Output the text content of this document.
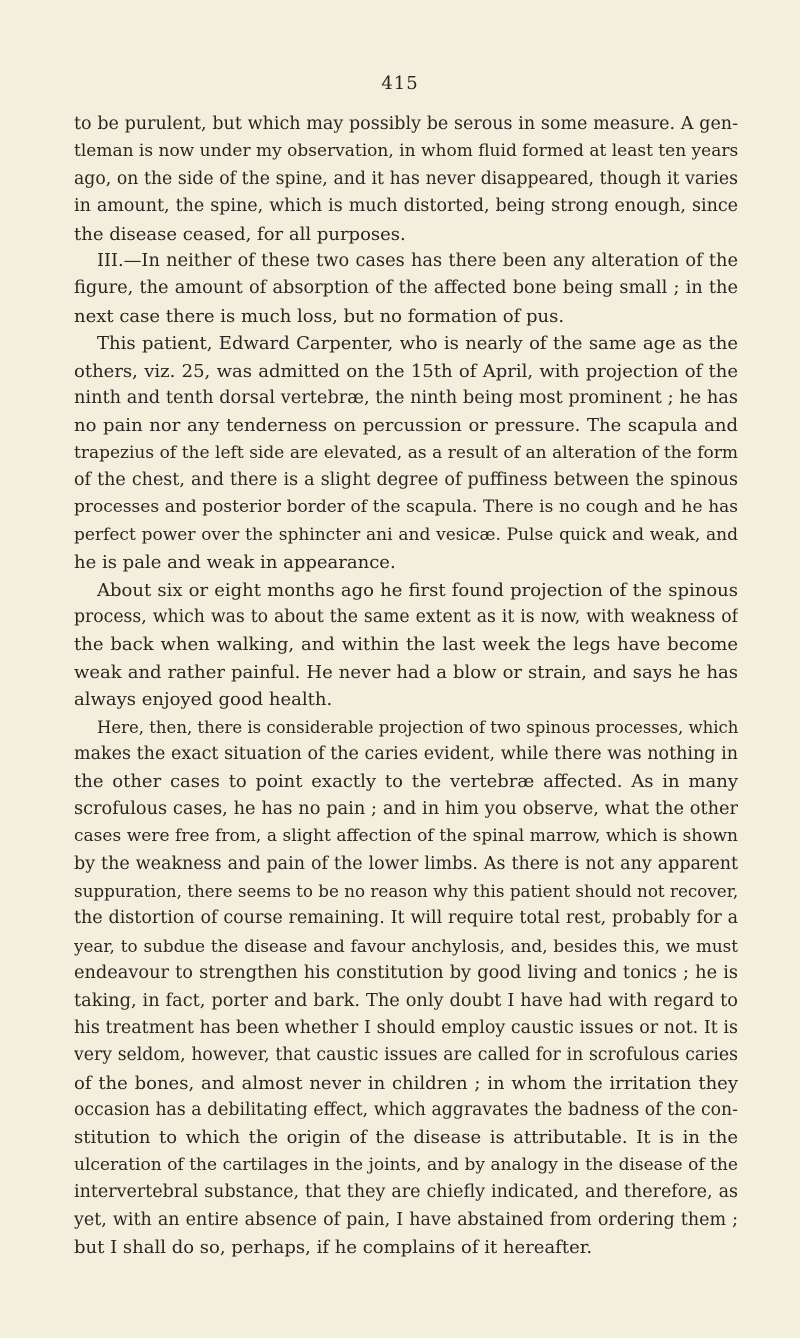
415
to be purulent, but which may possibly be serous in some measure. A gen-
tleman is now under my observation, in whom fluid formed at least ten years
ago, on the side of the spine, and it has never disappeared, though it varies
in amount, the spine, which is much distorted, being strong enough, since
the disease ceased, for all purposes.
III.—In neither of these two cases has there been any alteration of the
figure, the amount of absorption of the affected bone being small ; in the
next case there is much loss, but no formation of pus.
This patient, Edward Carpenter, who is nearly of the same age as the
others, viz. 25, was admitted on the 15th of April, with projection of the
ninth and tenth dorsal vertebræ, the ninth being most prominent ; he has
no pain nor any tenderness on percussion or pressure. The scapula and
trapezius of the left side are elevated, as a result of an alteration of the form
of the chest, and there is a slight degree of puffiness between the spinous
processes and posterior border of the scapula. There is no cough and he has
perfect power over the sphincter ani and vesicæ. Pulse quick and weak, and
he is pale and weak in appearance.
About six or eight months ago he first found projection of the spinous
process, which was to about the same extent as it is now, with weakness of
the back when walking, and within the last week the legs have become
weak and rather painful. He never had a blow or strain, and says he has
always enjoyed good health.
Here, then, there is considerable projection of two spinous processes, which
makes the exact situation of the caries evident, while there was nothing in
the other cases to point exactly to the vertebræ affected. As in many
scrofulous cases, he has no pain ; and in him you observe, what the other
cases were free from, a slight affection of the spinal marrow, which is shown
by the weakness and pain of the lower limbs. As there is not any apparent
suppuration, there seems to be no reason why this patient should not recover,
the distortion of course remaining. It will require total rest, probably for a
year, to subdue the disease and favour anchylosis, and, besides this, we must
endeavour to strengthen his constitution by good living and tonics ; he is
taking, in fact, porter and bark. The only doubt I have had with regard to
his treatment has been whether I should employ caustic issues or not. It is
very seldom, however, that caustic issues are called for in scrofulous caries
of the bones, and almost never in children ; in whom the irritation they
occasion has a debilitating effect, which aggravates the badness of the con-
stitution to which the origin of the disease is attributable. It is in the
ulceration of the cartilages in the joints, and by analogy in the disease of the
intervertebral substance, that they are chiefly indicated, and therefore, as
yet, with an entire absence of pain, I have abstained from ordering them ;
but I shall do so, perhaps, if he complains of it hereafter.
